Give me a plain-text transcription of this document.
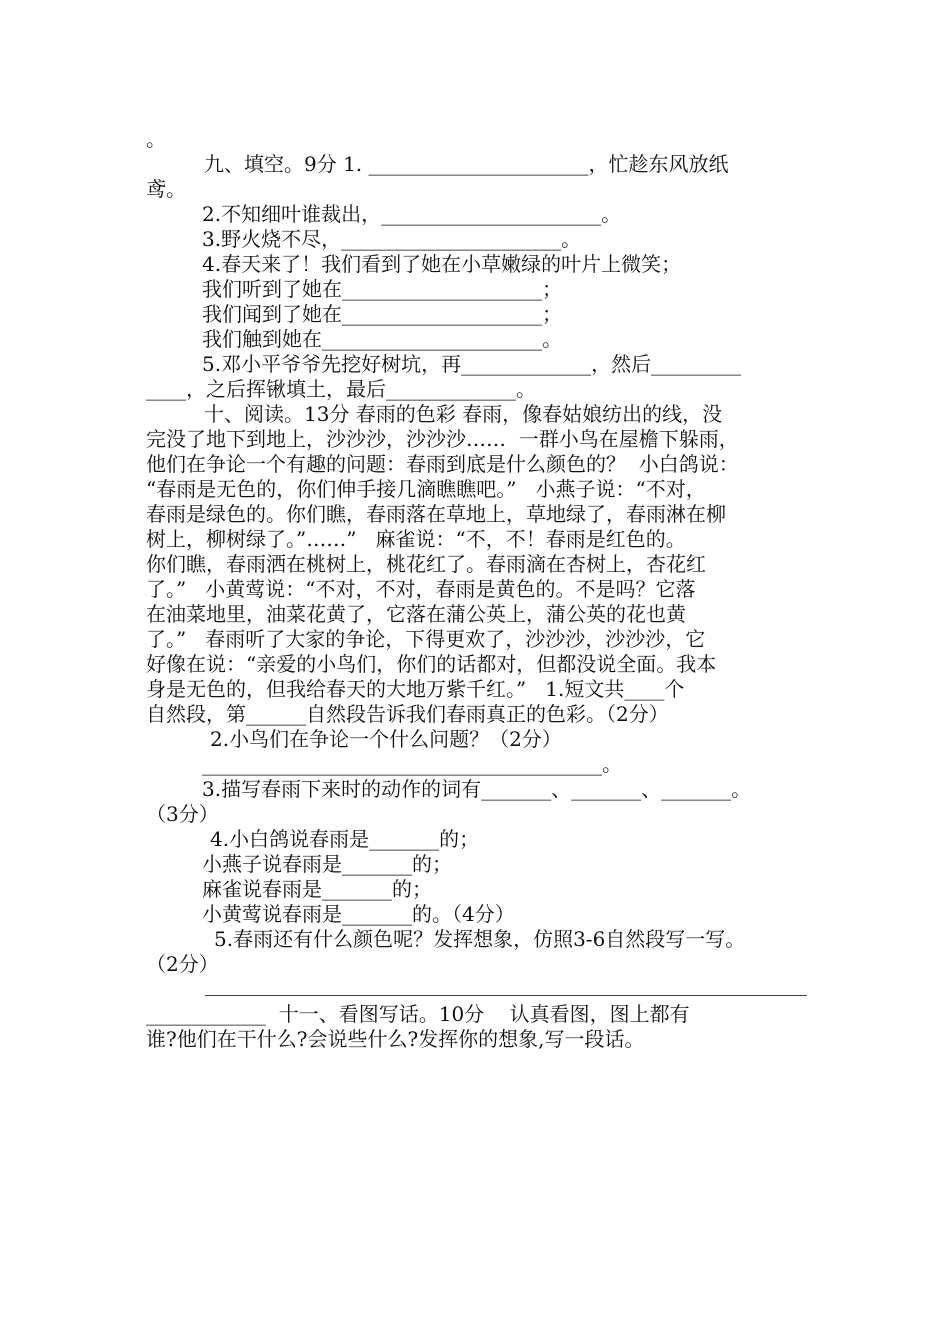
。
九、填空。9分 1. ______________________，忙趁东风放纸
鸢。
2.不知细叶谁裁出，______________________。
3.野火烧不尽，______________________。
4.春天来了！我们看到了她在小草嫩绿的叶片上微笑；
我们听到了她在____________________；
我们闻到了她在____________________；
我们触到她在______________________。
5.邓小平爷爷先挖好树坑，再_____________，然后_________
____，之后挥锹填土，最后_____________。
十、阅读。13分 春雨的色彩 春雨，像春姑娘纺出的线，没
完没了地下到地上，沙沙沙，沙沙沙……  一群小鸟在屋檐下躲雨，
他们在争论一个有趣的问题：春雨到底是什么颜色的？  小白鸽说：
“春雨是无色的，你们伸手接几滴瞧瞧吧。”   小燕子说：“不对，
春雨是绿色的。你们瞧，春雨落在草地上，草地绿了，春雨淋在柳
树上，柳树绿了。”……”   麻雀说：“不，不！春雨是红色的。
你们瞧，春雨洒在桃树上，桃花红了。春雨滴在杏树上，杏花红
了。”   小黄莺说：“不对，不对，春雨是黄色的。不是吗？它落
在油菜地里，油菜花黄了，它落在蒲公英上，蒲公英的花也黄
了。”   春雨听了大家的争论，下得更欢了，沙沙沙，沙沙沙，它
好像在说：“亲爱的小鸟们，你们的话都对，但都没说全面。我本
身是无色的，但我给春天的大地万紫千红。”   1.短文共____个
自然段，第______自然段告诉我们春雨真正的色彩。（2分）
2.小鸟们在争论一个什么问题？（2分）
________________________________________。
3.描写春雨下来时的动作的词有_______、_______、_______。
（3分）
4.小白鸽说春雨是_______的；
小燕子说春雨是_______的；
麻雀说春雨是_______的；
小黄莺说春雨是_______的。（4分）
5.春雨还有什么颜色呢？发挥想象，仿照3-6自然段写一写。
（2分）
____________  十一、看图写话。10分    认真看图，图上都有
谁?他们在干什么?会说些什么?发挥你的想象,写一段话。
